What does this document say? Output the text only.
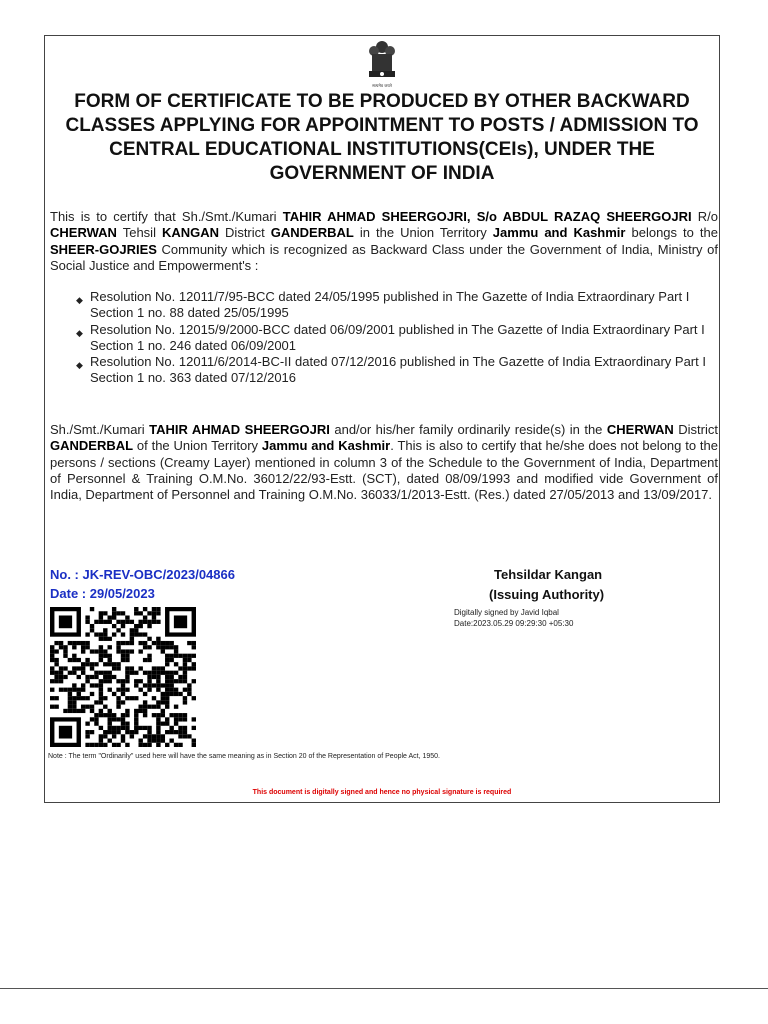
सत्यमेव जयते
FORM OF CERTIFICATE TO BE PRODUCED BY OTHER BACKWARD CLASSES APPLYING FOR APPOINTMENT TO POSTS / ADMISSION TO CENTRAL EDUCATIONAL INSTITUTIONS(CEIs), UNDER THE GOVERNMENT OF INDIA
This is to certify that Sh./Smt./Kumari TAHIR AHMAD SHEERGOJRI, S/o ABDUL RAZAQ SHEERGOJRI R/o CHERWAN Tehsil KANGAN District GANDERBAL in the Union Territory Jammu and Kashmir belongs to the SHEER-GOJRIES Community which is recognized as Backward Class under the Government of India, Ministry of Social Justice and Empowerment's :
◆ Resolution No. 12011/7/95-BCC dated 24/05/1995 published in The Gazette of India Extraordinary Part I Section 1 no. 88 dated 25/05/1995
◆ Resolution No. 12015/9/2000-BCC dated 06/09/2001 published in The Gazette of India Extraordinary Part I Section 1 no. 246 dated 06/09/2001
◆ Resolution No. 12011/6/2014-BC-II dated 07/12/2016 published in The Gazette of India Extraordinary Part I Section 1 no. 363 dated 07/12/2016
Sh./Smt./Kumari TAHIR AHMAD SHEERGOJRI and/or his/her family ordinarily reside(s) in the CHERWAN District GANDERBAL of the Union Territory Jammu and Kashmir. This is also to certify that he/she does not belong to the persons / sections (Creamy Layer) mentioned in column 3 of the Schedule to the Government of India, Department of Personnel & Training O.M.No. 36012/22/93-Estt. (SCT), dated 08/09/1993 and modified vide Government of India, Department of Personnel and Training O.M.No. 36033/1/2013-Estt. (Res.) dated 27/05/2013 and 13/09/2017.
No. : JK-REV-OBC/2023/04866
Date : 29/05/2023
Tehsildar Kangan
(Issuing Authority)
Digitally signed by Javid Iqbal
Date:2023.05.29 09:29:30 +05:30
Note : The term "Ordinarily" used here will have the same meaning as in Section 20 of the Representation of People Act, 1950.
This document is digitally signed and hence no physical signature is required
